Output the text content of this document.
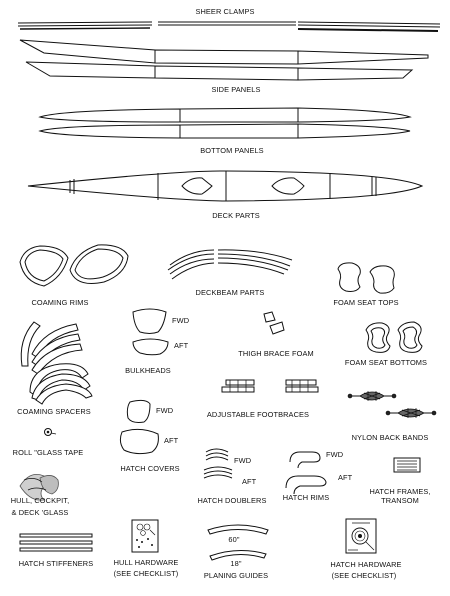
SHEER CLAMPS
SIDE PANELS
BOTTOM PANELS
DECK PARTS
COAMING RIMS
DECKBEAM PARTS
FOAM SEAT TOPS
FWD
AFT
BULKHEADS
THIGH BRACE FOAM
FOAM SEAT BOTTOMS
COAMING SPACERS	ADJUSTABLE FOOTBRACES
NYLON BACK BANDS
FWD
AFT
HATCH COVERS
ROLL "GLASS TAPE
FWD
AFT
HATCH DOUBLERS
FWD
AFT
HATCH RIMS
HATCH FRAMES,
TRANSOM
HULL, COCKPIT,
& DECK 'GLASS
HATCH STIFFENERS	HULL HARDWARE
(SEE CHECKLIST)
60"
18"
PLANING GUIDES
HATCH HARDWARE
(SEE CHECKLIST)
